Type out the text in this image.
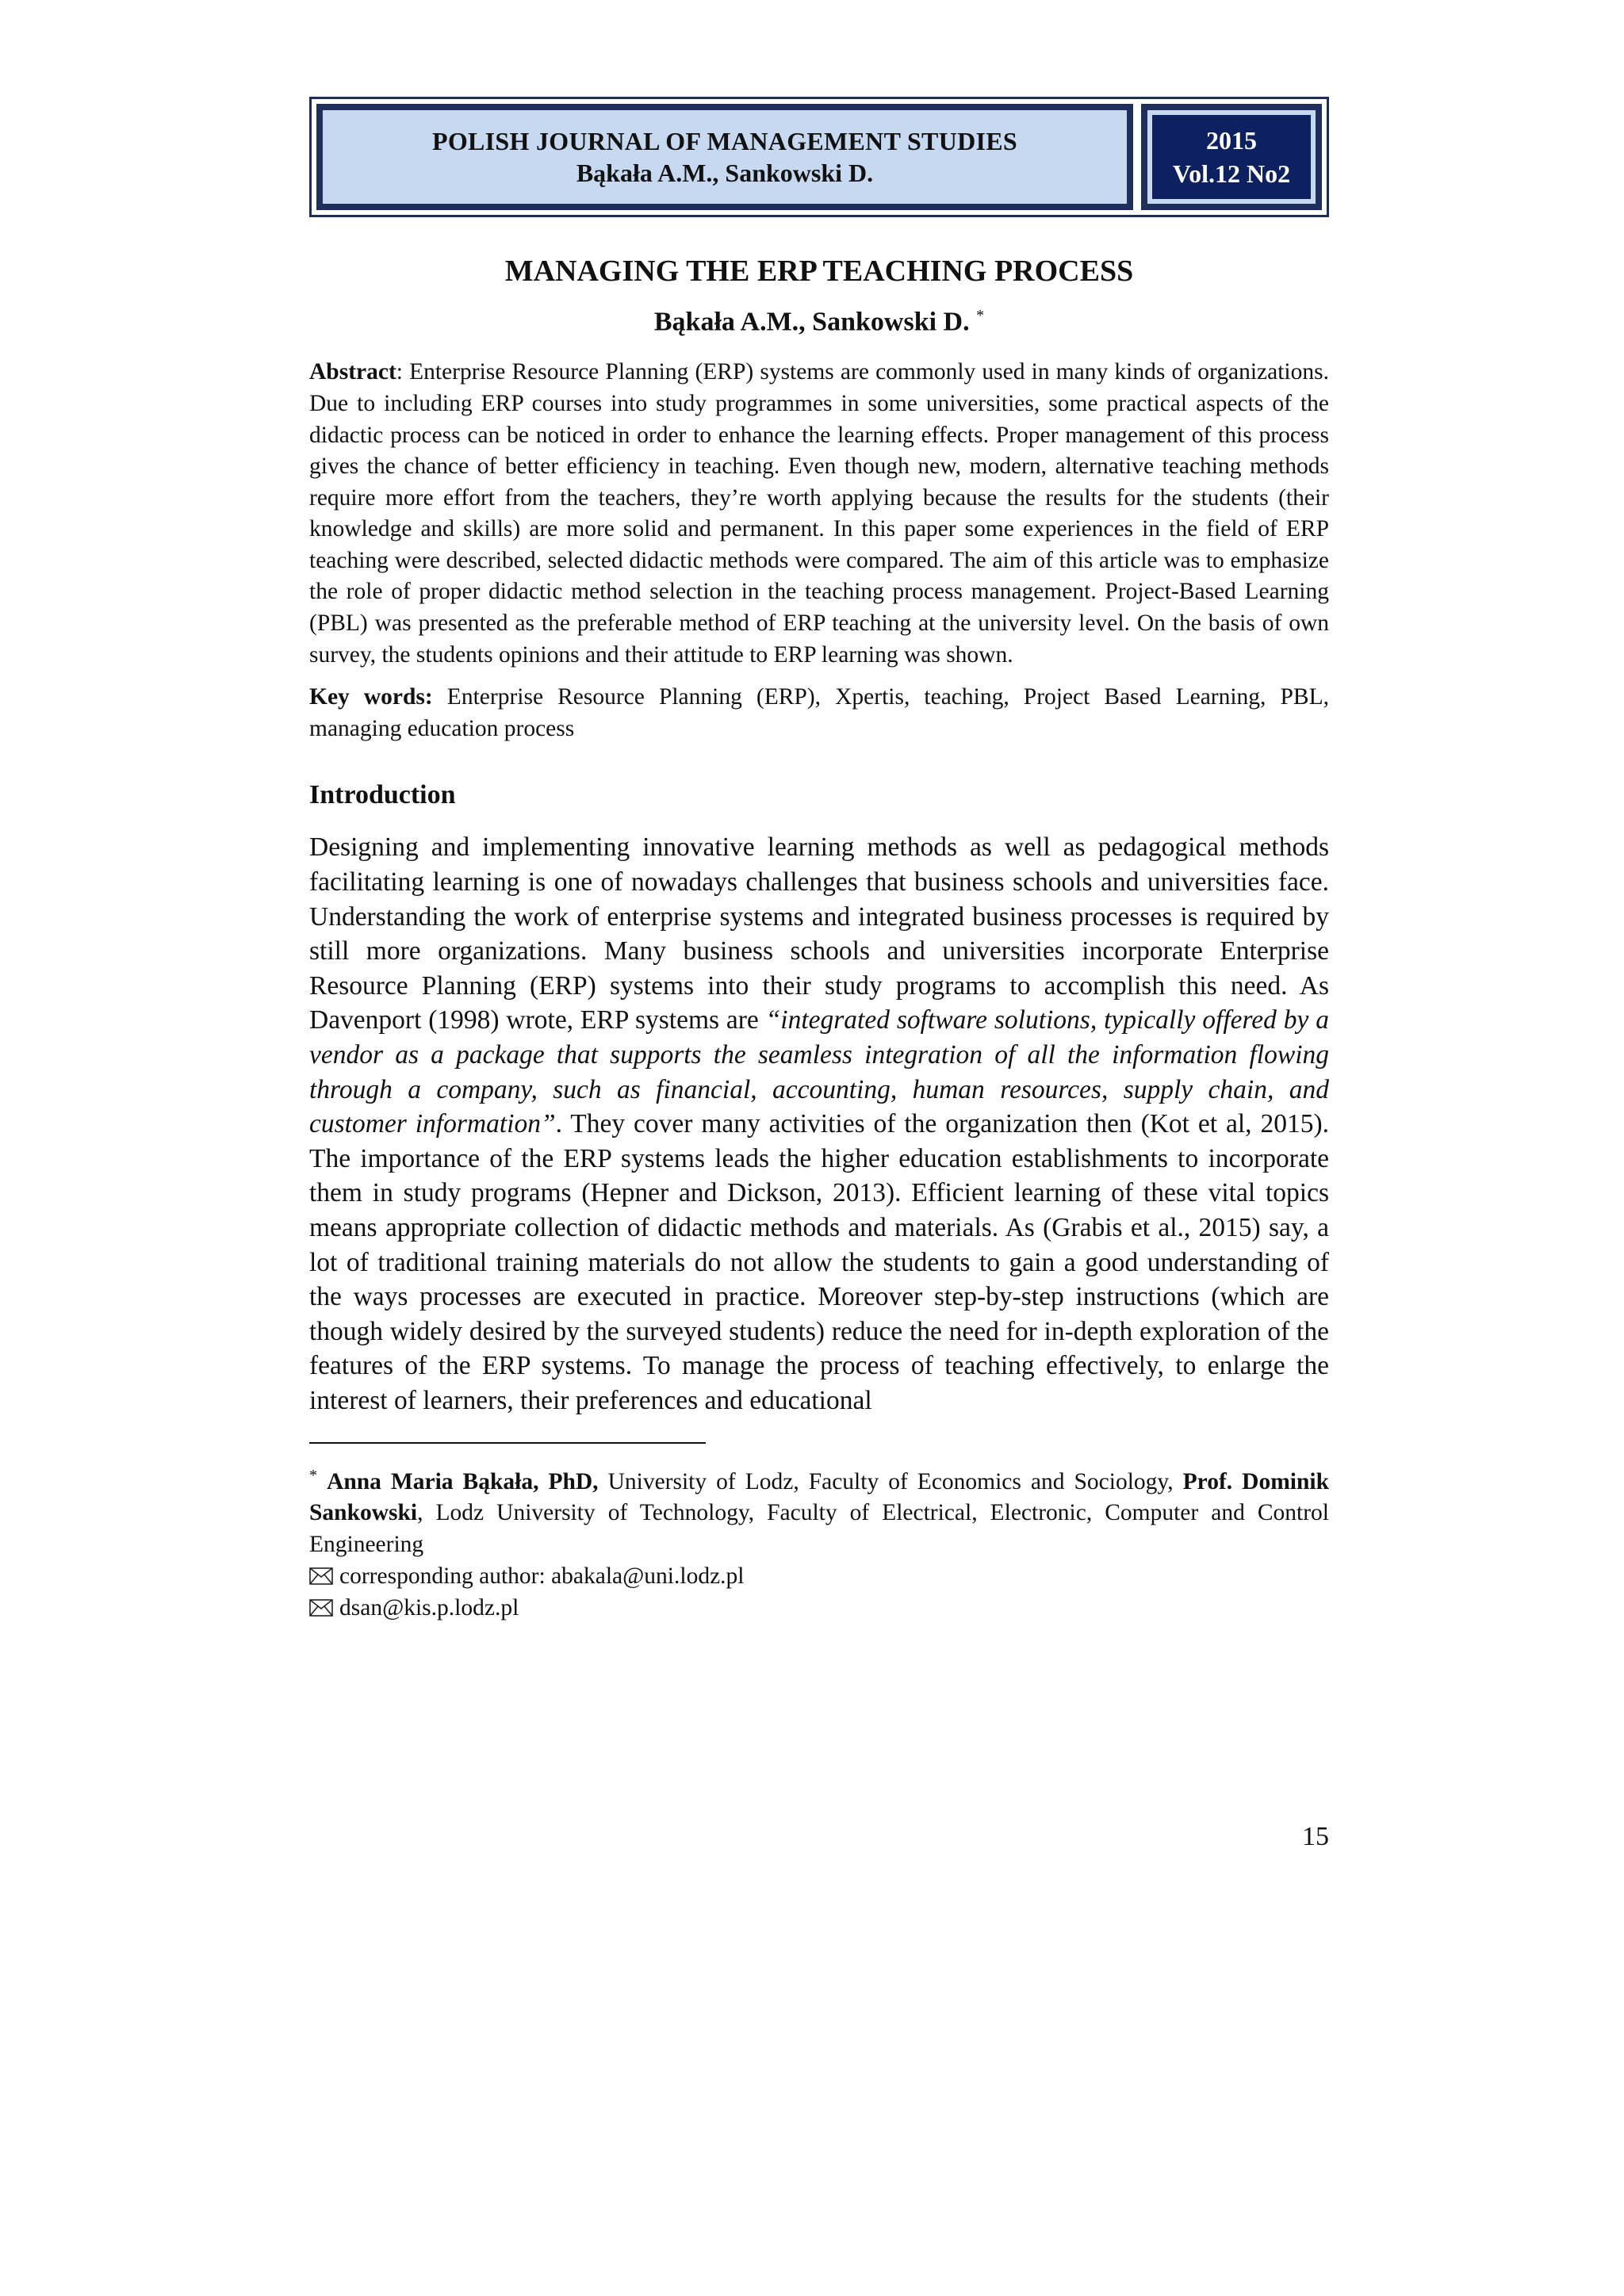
POLISH JOURNAL OF MANAGEMENT STUDIES
Bąkała A.M., Sankowski D.
2015
Vol.12 No2
MANAGING THE ERP TEACHING PROCESS
Bąkała A.M., Sankowski D. *
Abstract: Enterprise Resource Planning (ERP) systems are commonly used in many kinds of organizations. Due to including ERP courses into study programmes in some universities, some practical aspects of the didactic process can be noticed in order to enhance the learning effects. Proper management of this process gives the chance of better efficiency in teaching. Even though new, modern, alternative teaching methods require more effort from the teachers, they’re worth applying because the results for the students (their knowledge and skills) are more solid and permanent. In this paper some experiences in the field of ERP teaching were described, selected didactic methods were compared. The aim of this article was to emphasize the role of proper didactic method selection in the teaching process management. Project-Based Learning (PBL) was presented as the preferable method of ERP teaching at the university level. On the basis of own survey, the students opinions and their attitude to ERP learning was shown.
Key words: Enterprise Resource Planning (ERP), Xpertis, teaching, Project Based Learning, PBL, managing education process
Introduction
Designing and implementing innovative learning methods as well as pedagogical methods facilitating learning is one of nowadays challenges that business schools and universities face. Understanding the work of enterprise systems and integrated business processes is required by still more organizations. Many business schools and universities incorporate Enterprise Resource Planning (ERP) systems into their study programs to accomplish this need. As Davenport (1998) wrote, ERP systems are “integrated software solutions, typically offered by a vendor as a package that supports the seamless integration of all the information flowing through a company, such as financial, accounting, human resources, supply chain, and customer information”. They cover many activities of the organization then (Kot et al, 2015). The importance of the ERP systems leads the higher education establishments to incorporate them in study programs (Hepner and Dickson, 2013). Efficient learning of these vital topics means appropriate collection of didactic methods and materials. As (Grabis et al., 2015) say, a lot of traditional training materials do not allow the students to gain a good understanding of the ways processes are executed in practice. Moreover step-by-step instructions (which are though widely desired by the surveyed students) reduce the need for in-depth exploration of the features of the ERP systems. To manage the process of teaching effectively, to enlarge the interest of learners, their preferences and educational
* Anna Maria Bąkała, PhD, University of Lodz, Faculty of Economics and Sociology, Prof. Dominik Sankowski, Lodz University of Technology, Faculty of Electrical, Electronic, Computer and Control Engineering
corresponding author: abakala@uni.lodz.pl
dsan@kis.p.lodz.pl
15
